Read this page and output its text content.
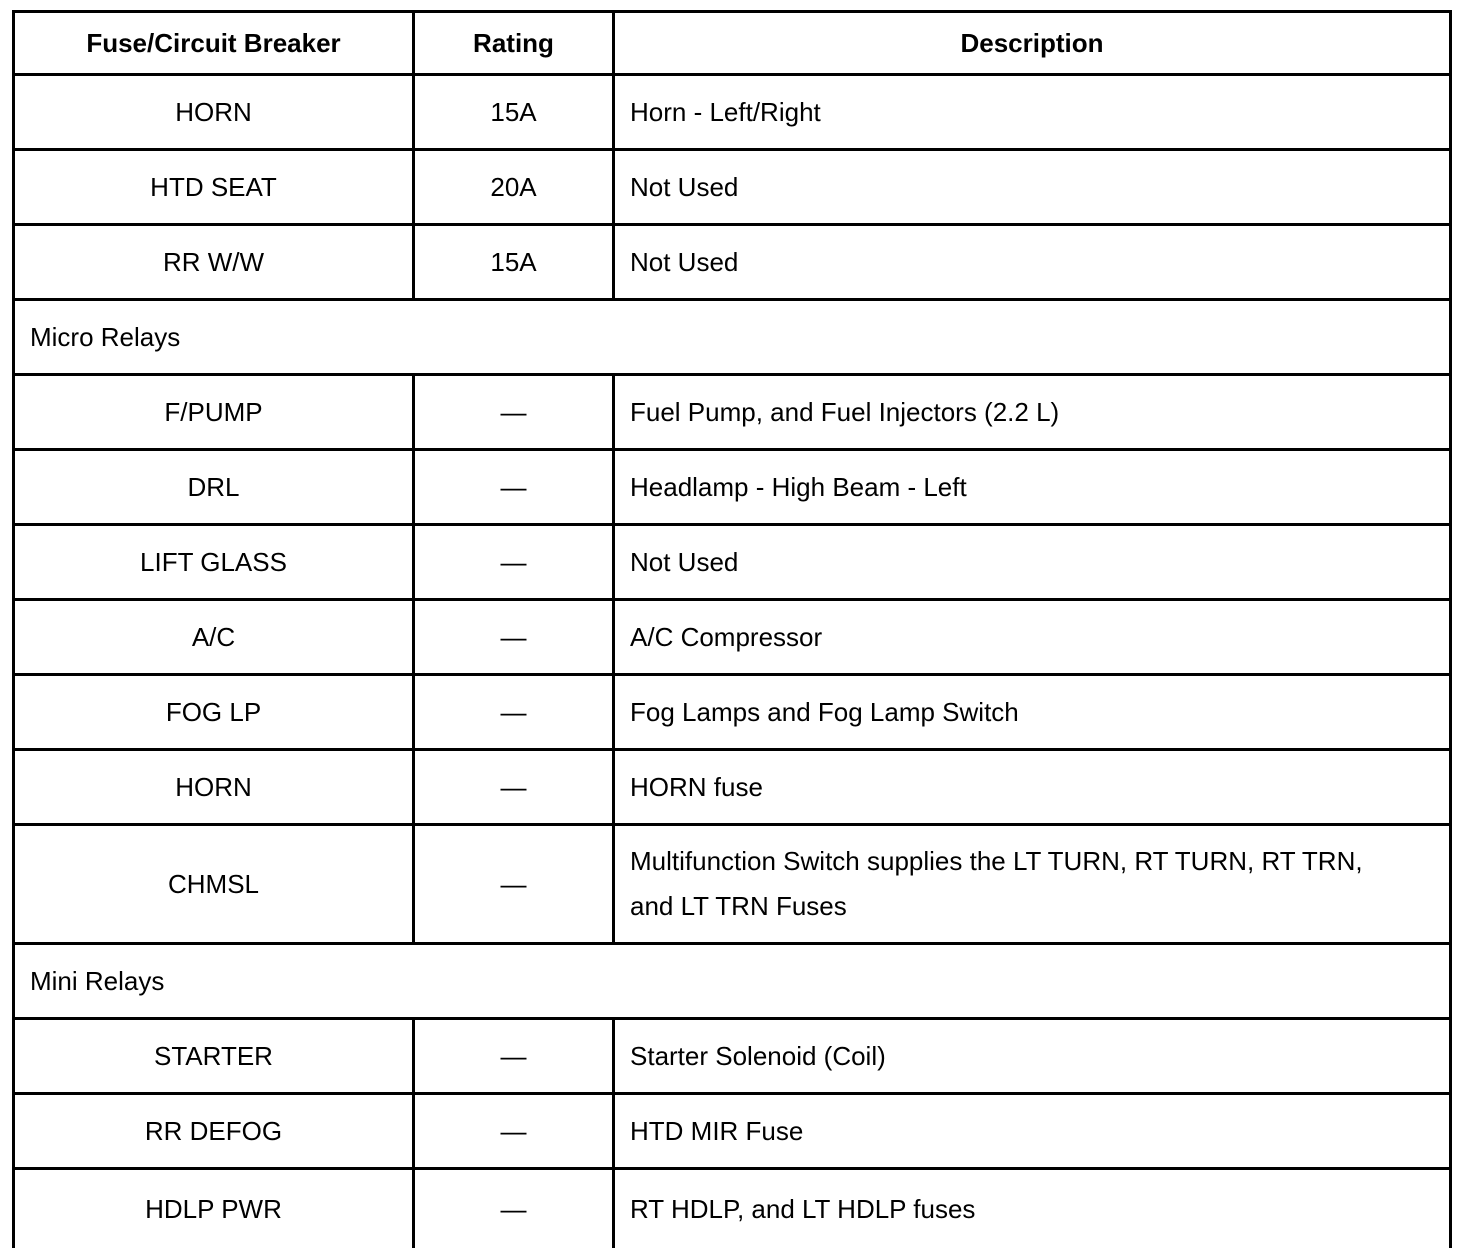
Fuse/Circuit Breaker	Rating	Description
HORN	15A	Horn - Left/Right
HTD SEAT	20A	Not Used
RR W/W	15A	Not Used
Micro Relays		
F/PUMP	—	Fuel Pump, and Fuel Injectors (2.2 L)
DRL	—	Headlamp - High Beam - Left
LIFT GLASS	—	Not Used
A/C	—	A/C Compressor
FOG LP	—	Fog Lamps and Fog Lamp Switch
HORN	—	HORN fuse
CHMSL	—	Multifunction Switch supplies the LT TURN, RT TURN, RT TRN, and LT TRN Fuses
Mini Relays		
STARTER	—	Starter Solenoid (Coil)
RR DEFOG	—	HTD MIR Fuse
HDLP PWR	—	RT HDLP, and LT HDLP fuses
